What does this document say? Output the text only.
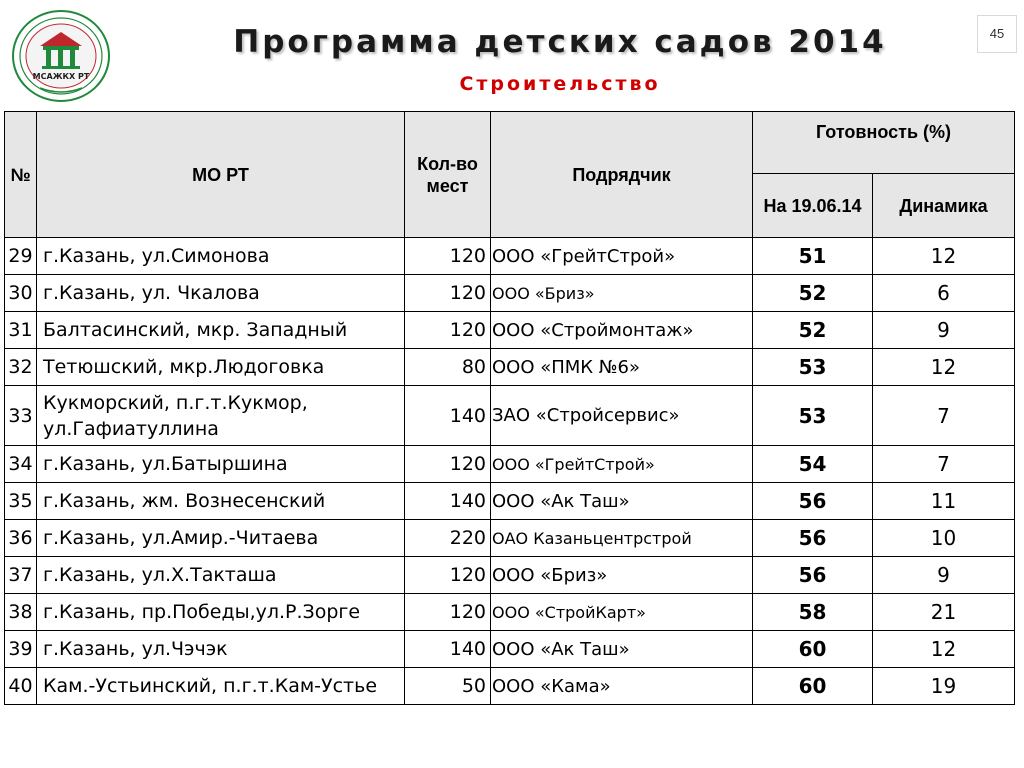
МСАЖКХ РТ
Программа детских садов 2014
Строительство
45
№	МО РТ	Кол-во мест	Подрядчик	Готовность (%)	
				На 19.06.14	Динамика
29	г.Казань, ул.Симонова	120	ООО «ГрейтСтрой»	51	12
30	г.Казань, ул. Чкалова	120	ООО «Бриз»	52	6
31	Балтасинский, мкр. Западный	120	ООО «Строймонтаж»	52	9
32	Тетюшский, мкр.Людоговка	80	ООО «ПМК №6»	53	12
33	Кукморский, п.г.т.Кукмор, ул.Гафиатуллина	140	ЗАО «Стройсервис»	53	7
34	г.Казань, ул.Батыршина	120	ООО «ГрейтСтрой»	54	7
35	г.Казань, жм. Вознесенский	140	ООО «Ак Таш»	56	11
36	г.Казань, ул.Амир.-Читаева	220	ОАО Казаньцентрстрой	56	10
37	г.Казань, ул.Х.Такташа	120	ООО «Бриз»	56	9
38	г.Казань, пр.Победы,ул.Р.Зорге	120	ООО «СтройКарт»	58	21
39	г.Казань, ул.Чэчэк	140	ООО «Ак Таш»	60	12
40	Кам.-Устьинский, п.г.т.Кам-Устье	50	ООО «Кама»	60	19
